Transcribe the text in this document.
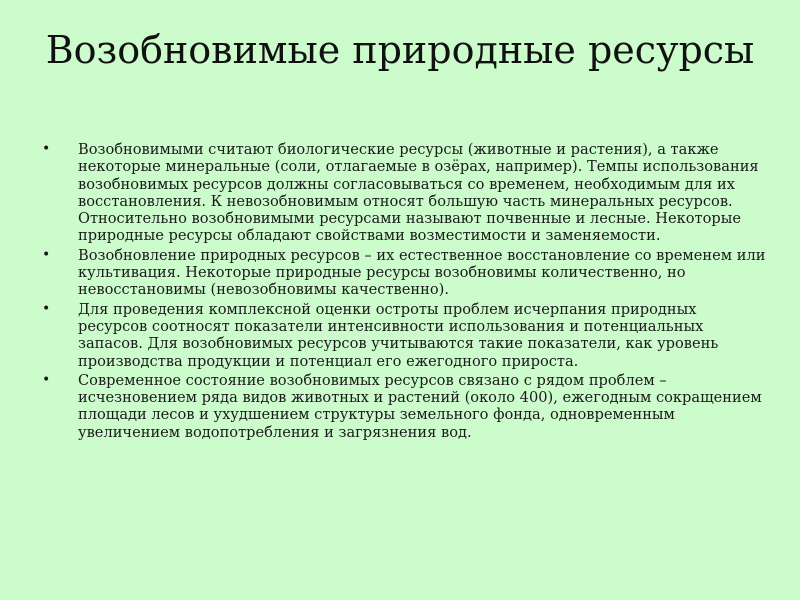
Возобновимые природные ресурсы
• Возобновимыми считают биологические ресурсы (животные и растения), а также некоторые минеральные (соли, отлагаемые в озёрах, например). Темпы использования возобновимых ресурсов должны согласовываться со временем, необходимым для их восстановления. К невозобновимым относят большую часть минеральных ресурсов. Относительно возобновимыми ресурсами называют почвенные и лесные. Некоторые природные ресурсы обладают свойствами возместимости и заменяемости.
• Возобновление природных ресурсов – их естественное восстановление со временем или культивация. Некоторые природные ресурсы возобновимы количественно, но невосстановимы (невозобновимы качественно).
• Для проведения комплексной оценки остроты проблем исчерпания природных ресурсов соотносят показатели интенсивности использования и потенциальных запасов. Для возобновимых ресурсов учитываются такие показатели, как уровень производства продукции и потенциал его ежегодного прироста.
• Современное состояние возобновимых ресурсов связано с рядом проблем – исчезновением ряда видов животных и растений (около 400), ежегодным сокращением площади лесов и ухудшением структуры земельного фонда, одновременным увеличением водопотребления и загрязнения вод.
